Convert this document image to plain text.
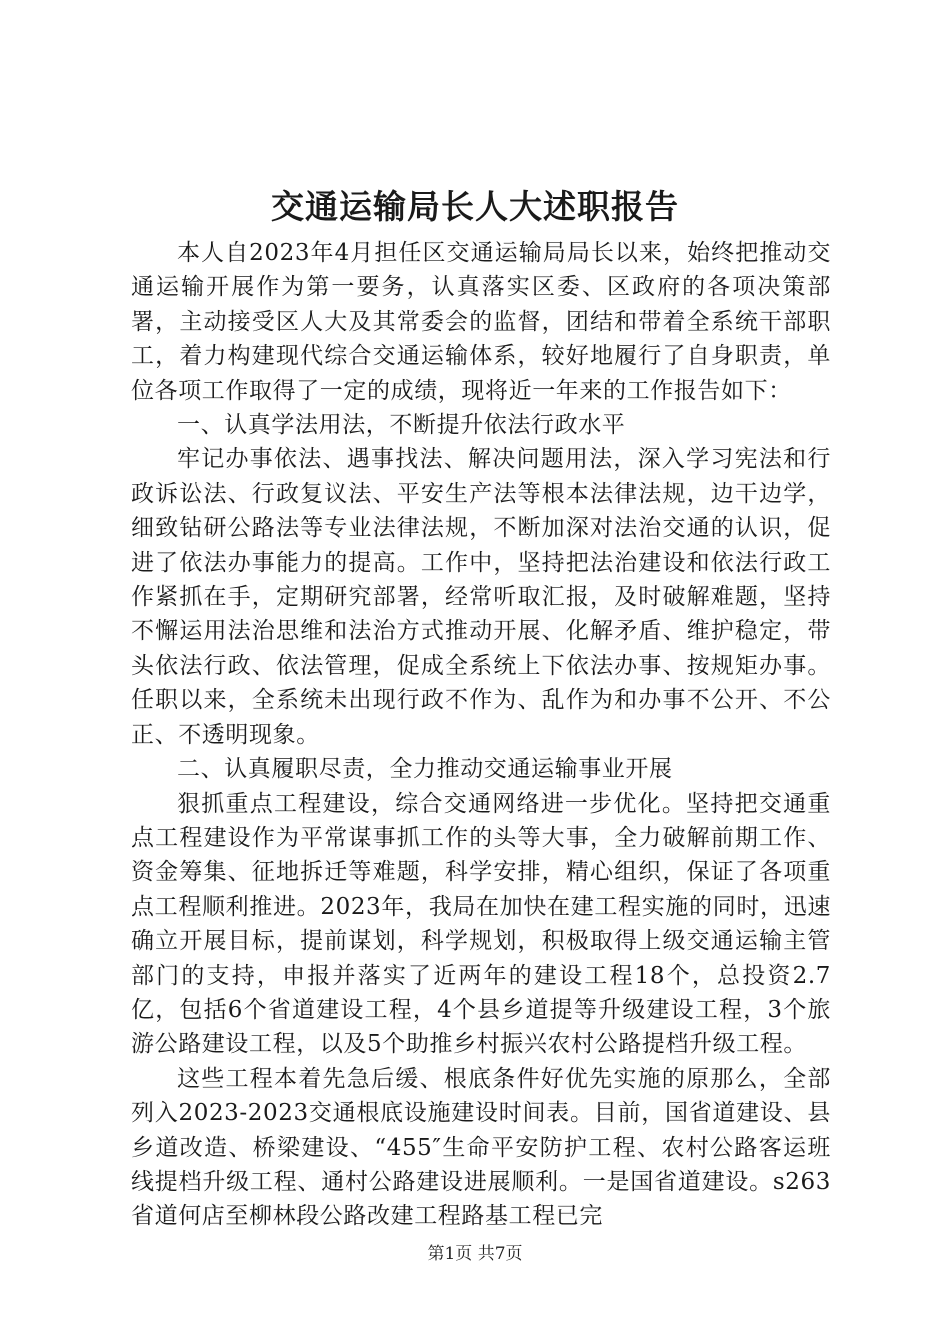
交通运输局长人大述职报告

本人自2023年4月担任区交通运输局局长以来，始终把推动交通运输开展作为第一要务，认真落实区委、区政府的各项决策部署，主动接受区人大及其常委会的监督，团结和带着全系统干部职工，着力构建现代综合交通运输体系，较好地履行了自身职责，单位各项工作取得了一定的成绩，现将近一年来的工作报告如下：

一、认真学法用法，不断提升依法行政水平

牢记办事依法、遇事找法、解决问题用法，深入学习宪法和行政诉讼法、行政复议法、平安生产法等根本法律法规，边干边学，细致钻研公路法等专业法律法规，不断加深对法治交通的认识，促进了依法办事能力的提高。工作中，坚持把法治建设和依法行政工作紧抓在手，定期研究部署，经常听取汇报，及时破解难题，坚持不懈运用法治思维和法治方式推动开展、化解矛盾、维护稳定，带头依法行政、依法管理，促成全系统上下依法办事、按规矩办事。任职以来，全系统未出现行政不作为、乱作为和办事不公开、不公正、不透明现象。

二、认真履职尽责，全力推动交通运输事业开展

狠抓重点工程建设，综合交通网络进一步优化。坚持把交通重点工程建设作为平常谋事抓工作的头等大事，全力破解前期工作、资金筹集、征地拆迁等难题，科学安排，精心组织，保证了各项重点工程顺利推进。2023年，我局在加快在建工程实施的同时，迅速确立开展目标，提前谋划，科学规划，积极取得上级交通运输主管部门的支持，申报并落实了近两年的建设工程18个，总投资2.7亿，包括6个省道建设工程，4个县乡道提等升级建设工程，3个旅游公路建设工程，以及5个助推乡村振兴农村公路提档升级工程。

这些工程本着先急后缓、根底条件好优先实施的原那么，全部列入2023-2023交通根底设施建设时间表。目前，国省道建设、县乡道改造、桥梁建设、“455″生命平安防护工程、农村公路客运班线提档升级工程、通村公路建设进展顺利。一是国省道建设。s263省道何店至柳林段公路改建工程路基工程已完

第1页 共7页
